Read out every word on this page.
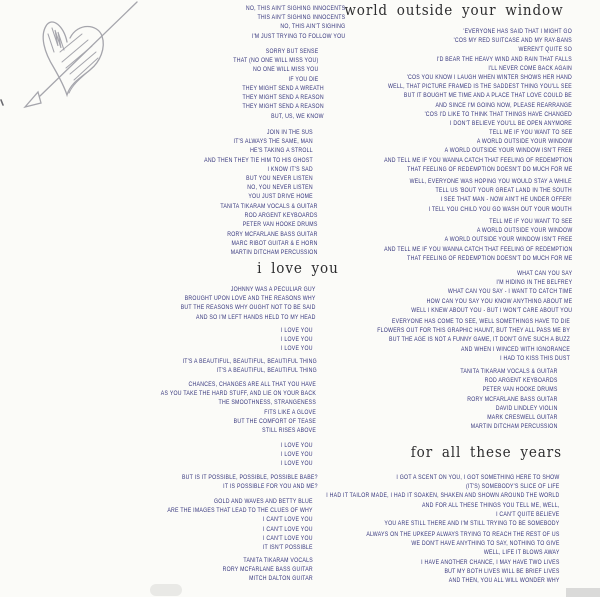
NO, THIS AIN'T SIGHING INNOCENTS
THIS AIN'T SIGHING INNOCENTS
NO, THIS AIN'T SIGHING
I'M JUST TRYING TO FOLLOW YOU
SORRY BUT SENSE
THAT (NO ONE WILL MISS YOU)
NO ONE WILL MISS YOU
IF YOU DIE
THEY MIGHT SEND A WREATH
THEY MIGHT SEND A REASON
THEY MIGHT SEND A REASON
BUT, US, WE KNOW
JOIN IN THE SUS
IT'S ALWAYS THE SAME, MAN
HE'S TAKING A STROLL
AND THEN THEY TIE HIM TO HIS GHOST
I KNOW IT'S SAD
BUT YOU NEVER LISTEN
NO, YOU NEVER LISTEN
YOU JUST DRIVE HOME
TANITA TIKARAM VOCALS & GUITAR
ROD ARGENT KEYBOARDS
PETER VAN HOOKE DRUMS
RORY MCFARLANE BASS GUITAR
MARC RIBOT GUITAR & E HORN
MARTIN DITCHAM PERCUSSION
i love you
JOHNNY WAS A PECULIAR GUY
BROUGHT UPON LOVE AND THE REASONS WHY
BUT THE REASONS WHY OUGHT NOT TO BE SAID
AND SO I'M LEFT HANDS HELD TO MY HEAD
I LOVE YOU
I LOVE YOU
I LOVE YOU
IT'S A BEAUTIFUL, BEAUTIFUL, BEAUTIFUL THING
IT'S A BEAUTIFUL, BEAUTIFUL THING
CHANCES, CHANGES ARE ALL THAT YOU HAVE
AS YOU TAKE THE HARD STUFF, AND LIE ON YOUR BACK
THE SMOOTHNESS, STRANGENESS
FITS LIKE A GLOVE
BUT THE COMFORT OF TEASE
STILL RISES ABOVE
I LOVE YOU
I LOVE YOU
I LOVE YOU
BUT IS IT POSSIBLE, POSSIBLE, POSSIBLE BABE?
IT IS POSSIBLE FOR YOU AND ME?
GOLD AND WAVES AND BETTY BLUE
ARE THE IMAGES THAT LEAD TO THE CLUES OF WHY
I CAN'T LOVE YOU
I CAN'T LOVE YOU
I CAN'T LOVE YOU
IT ISN'T POSSIBLE
TANITA TIKARAM VOCALS
RORY MCFARLANE BASS GUITAR
MITCH DALTON GUITAR
world outside your window
'EVERYONE HAS SAID THAT I MIGHT GO
'COS MY RED SUITCASE AND MY RAY-BANS
WEREN'T QUITE SO
I'D BEAR THE HEAVY WIND AND RAIN THAT FALLS
I'LL NEVER COME BACK AGAIN
'COS YOU KNOW I LAUGH WHEN WINTER SHOWS HER HAND
WELL, THAT PICTURE FRAMED IS THE SADDEST THING YOU'LL SEE
BUT IT BOUGHT ME TIME AND A PLACE THAT LOVE COULD BE
AND SINCE I'M GOING NOW, PLEASE REARRANGE
'COS I'D LIKE TO THINK THAT THINGS HAVE CHANGED
I DON'T BELIEVE YOU'LL BE OPEN ANYMORE
TELL ME IF YOU WANT TO SEE
A WORLD OUTSIDE YOUR WINDOW
A WORLD OUTSIDE YOUR WINDOW ISN'T FREE
AND TELL ME IF YOU WANNA CATCH THAT FEELING OF REDEMPTION
THAT FEELING OF REDEMPTION DOESN'T DO MUCH FOR ME
WELL, EVERYONE WAS HOPING YOU WOULD STAY A WHILE
TELL US 'BOUT YOUR GREAT LAND IN THE SOUTH
I SEE THAT MAN - NOW AIN'T HE UNDER OFFER!
I TELL YOU CHILD YOU GO WASH OUT YOUR MOUTH
TELL ME IF YOU WANT TO SEE
A WORLD OUTSIDE YOUR WINDOW
A WORLD OUTSIDE YOUR WINDOW ISN'T FREE
AND TELL ME IF YOU WANNA CATCH THAT FEELING OF REDEMPTION
THAT FEELING OF REDEMPTION DOESN'T DO MUCH FOR ME
WHAT CAN YOU SAY
I'M HIDING IN THE BELFREY
WHAT CAN YOU SAY - I WANT TO CATCH TIME
HOW CAN YOU SAY YOU KNOW ANYTHING ABOUT ME
WELL I KNEW ABOUT YOU - BUT I WON'T CARE ABOUT YOU
EVERYONE HAS COME TO SEE, WELL SOMETHINGS HAVE TO DIE
FLOWERS OUT FOR THIS GRAPHIC HAUNT, BUT THEY ALL PASS ME BY
BUT THE AGE IS NOT A FUNNY GAME, IT DON'T GIVE SUCH A BUZZ
AND WHEN I WINCED WITH IGNORANCE
I HAD TO KISS THIS DUST
TANITA TIKARAM VOCALS & GUITAR
ROD ARGENT KEYBOARDS
PETER VAN HOOKE DRUMS
RORY MCFARLANE BASS GUITAR
DAVID LINDLEY VIOLIN
MARK CRESWELL GUITAR
MARTIN DITCHAM PERCUSSION
for all these years
I GOT A SCENT ON YOU, I GOT SOMETHING HERE TO SHOW
(IT'S) SOMEBODY'S SLICE OF LIFE
I HAD IT TAILOR MADE, I HAD IT SOAKEN, SHAKEN AND SHOWN AROUND THE WORLD
AND FOR ALL THESE THINGS YOU TELL ME, WELL,
I CAN'T QUITE BELIEVE
YOU ARE STILL THERE AND I'M STILL TRYING TO BE SOMEBODY
ALWAYS ON THE UPKEEP ALWAYS TRYING TO REACH THE REST OF US
WE DON'T HAVE ANYTHING TO SAY, NOTHING TO GIVE
WELL, LIFE IT BLOWS AWAY
I HAVE ANOTHER CHANCE, I MAY HAVE TWO LIVES
BUT MY BOTH LIVES WILL BE BRIEF LIVES
AND THEN, YOU ALL WILL WONDER WHY
